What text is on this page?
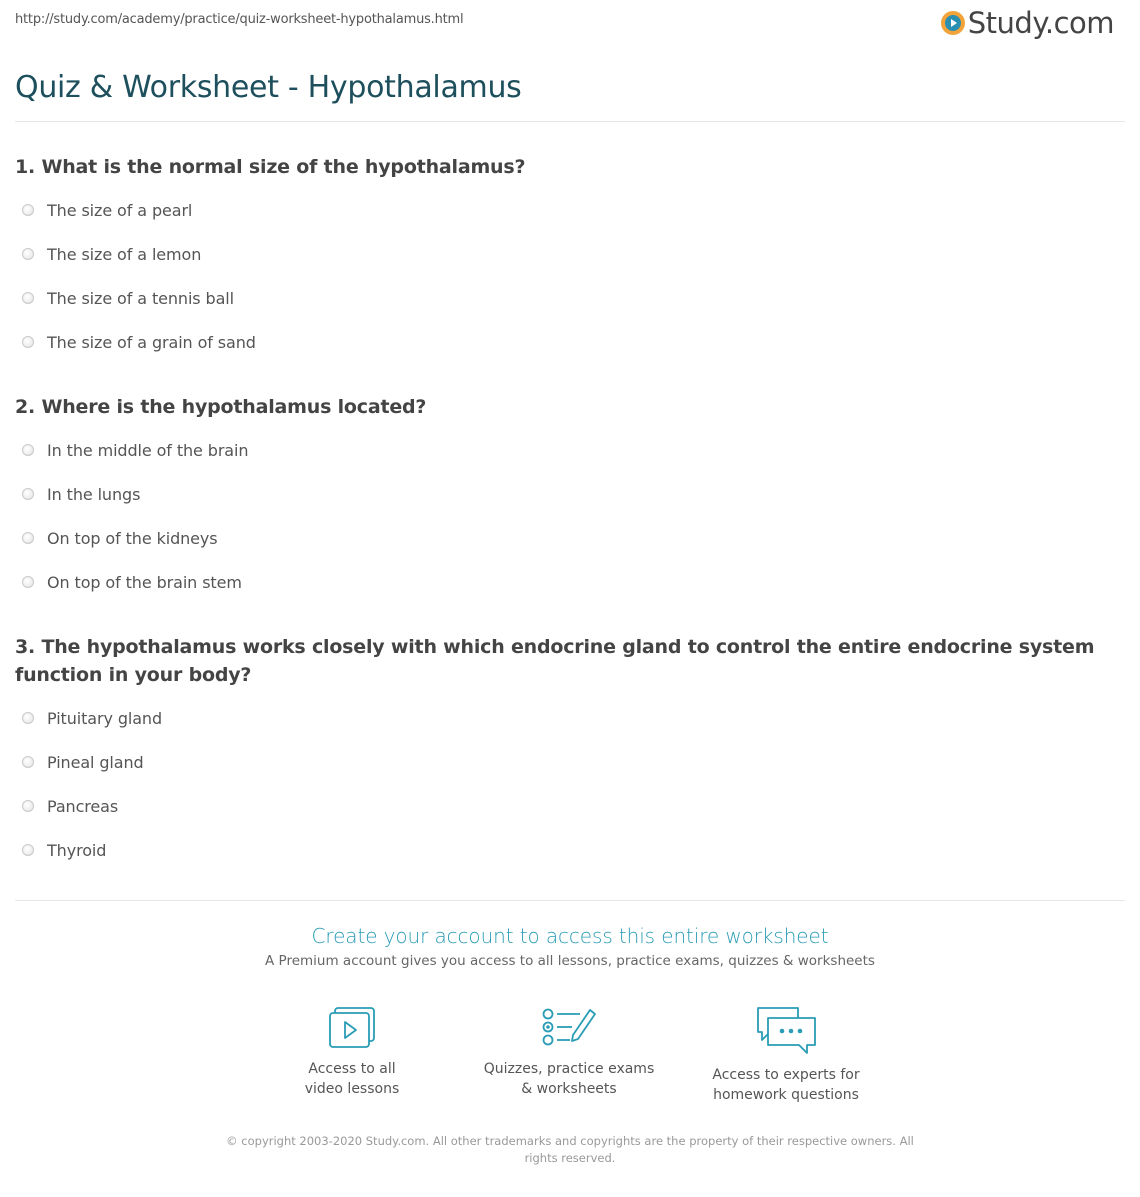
http://study.com/academy/practice/quiz-worksheet-hypothalamus.html	Study.com
Quiz & Worksheet - Hypothalamus
1. What is the normal size of the hypothalamus?
The size of a pearl
The size of a lemon
The size of a tennis ball
The size of a grain of sand
2. Where is the hypothalamus located?
In the middle of the brain
In the lungs
On top of the kidneys
On top of the brain stem
3. The hypothalamus works closely with which endocrine gland to control the entire endocrine system function in your body?
Pituitary gland
Pineal gland
Pancreas
Thyroid
Create your account to access this entire worksheet
A Premium account gives you access to all lessons, practice exams, quizzes & worksheets
Access to all
video lessons
Quizzes, practice exams
& worksheets
Access to experts for
homework questions
© copyright 2003-2020 Study.com. All other trademarks and copyrights are the property of their respective owners. All rights reserved.
